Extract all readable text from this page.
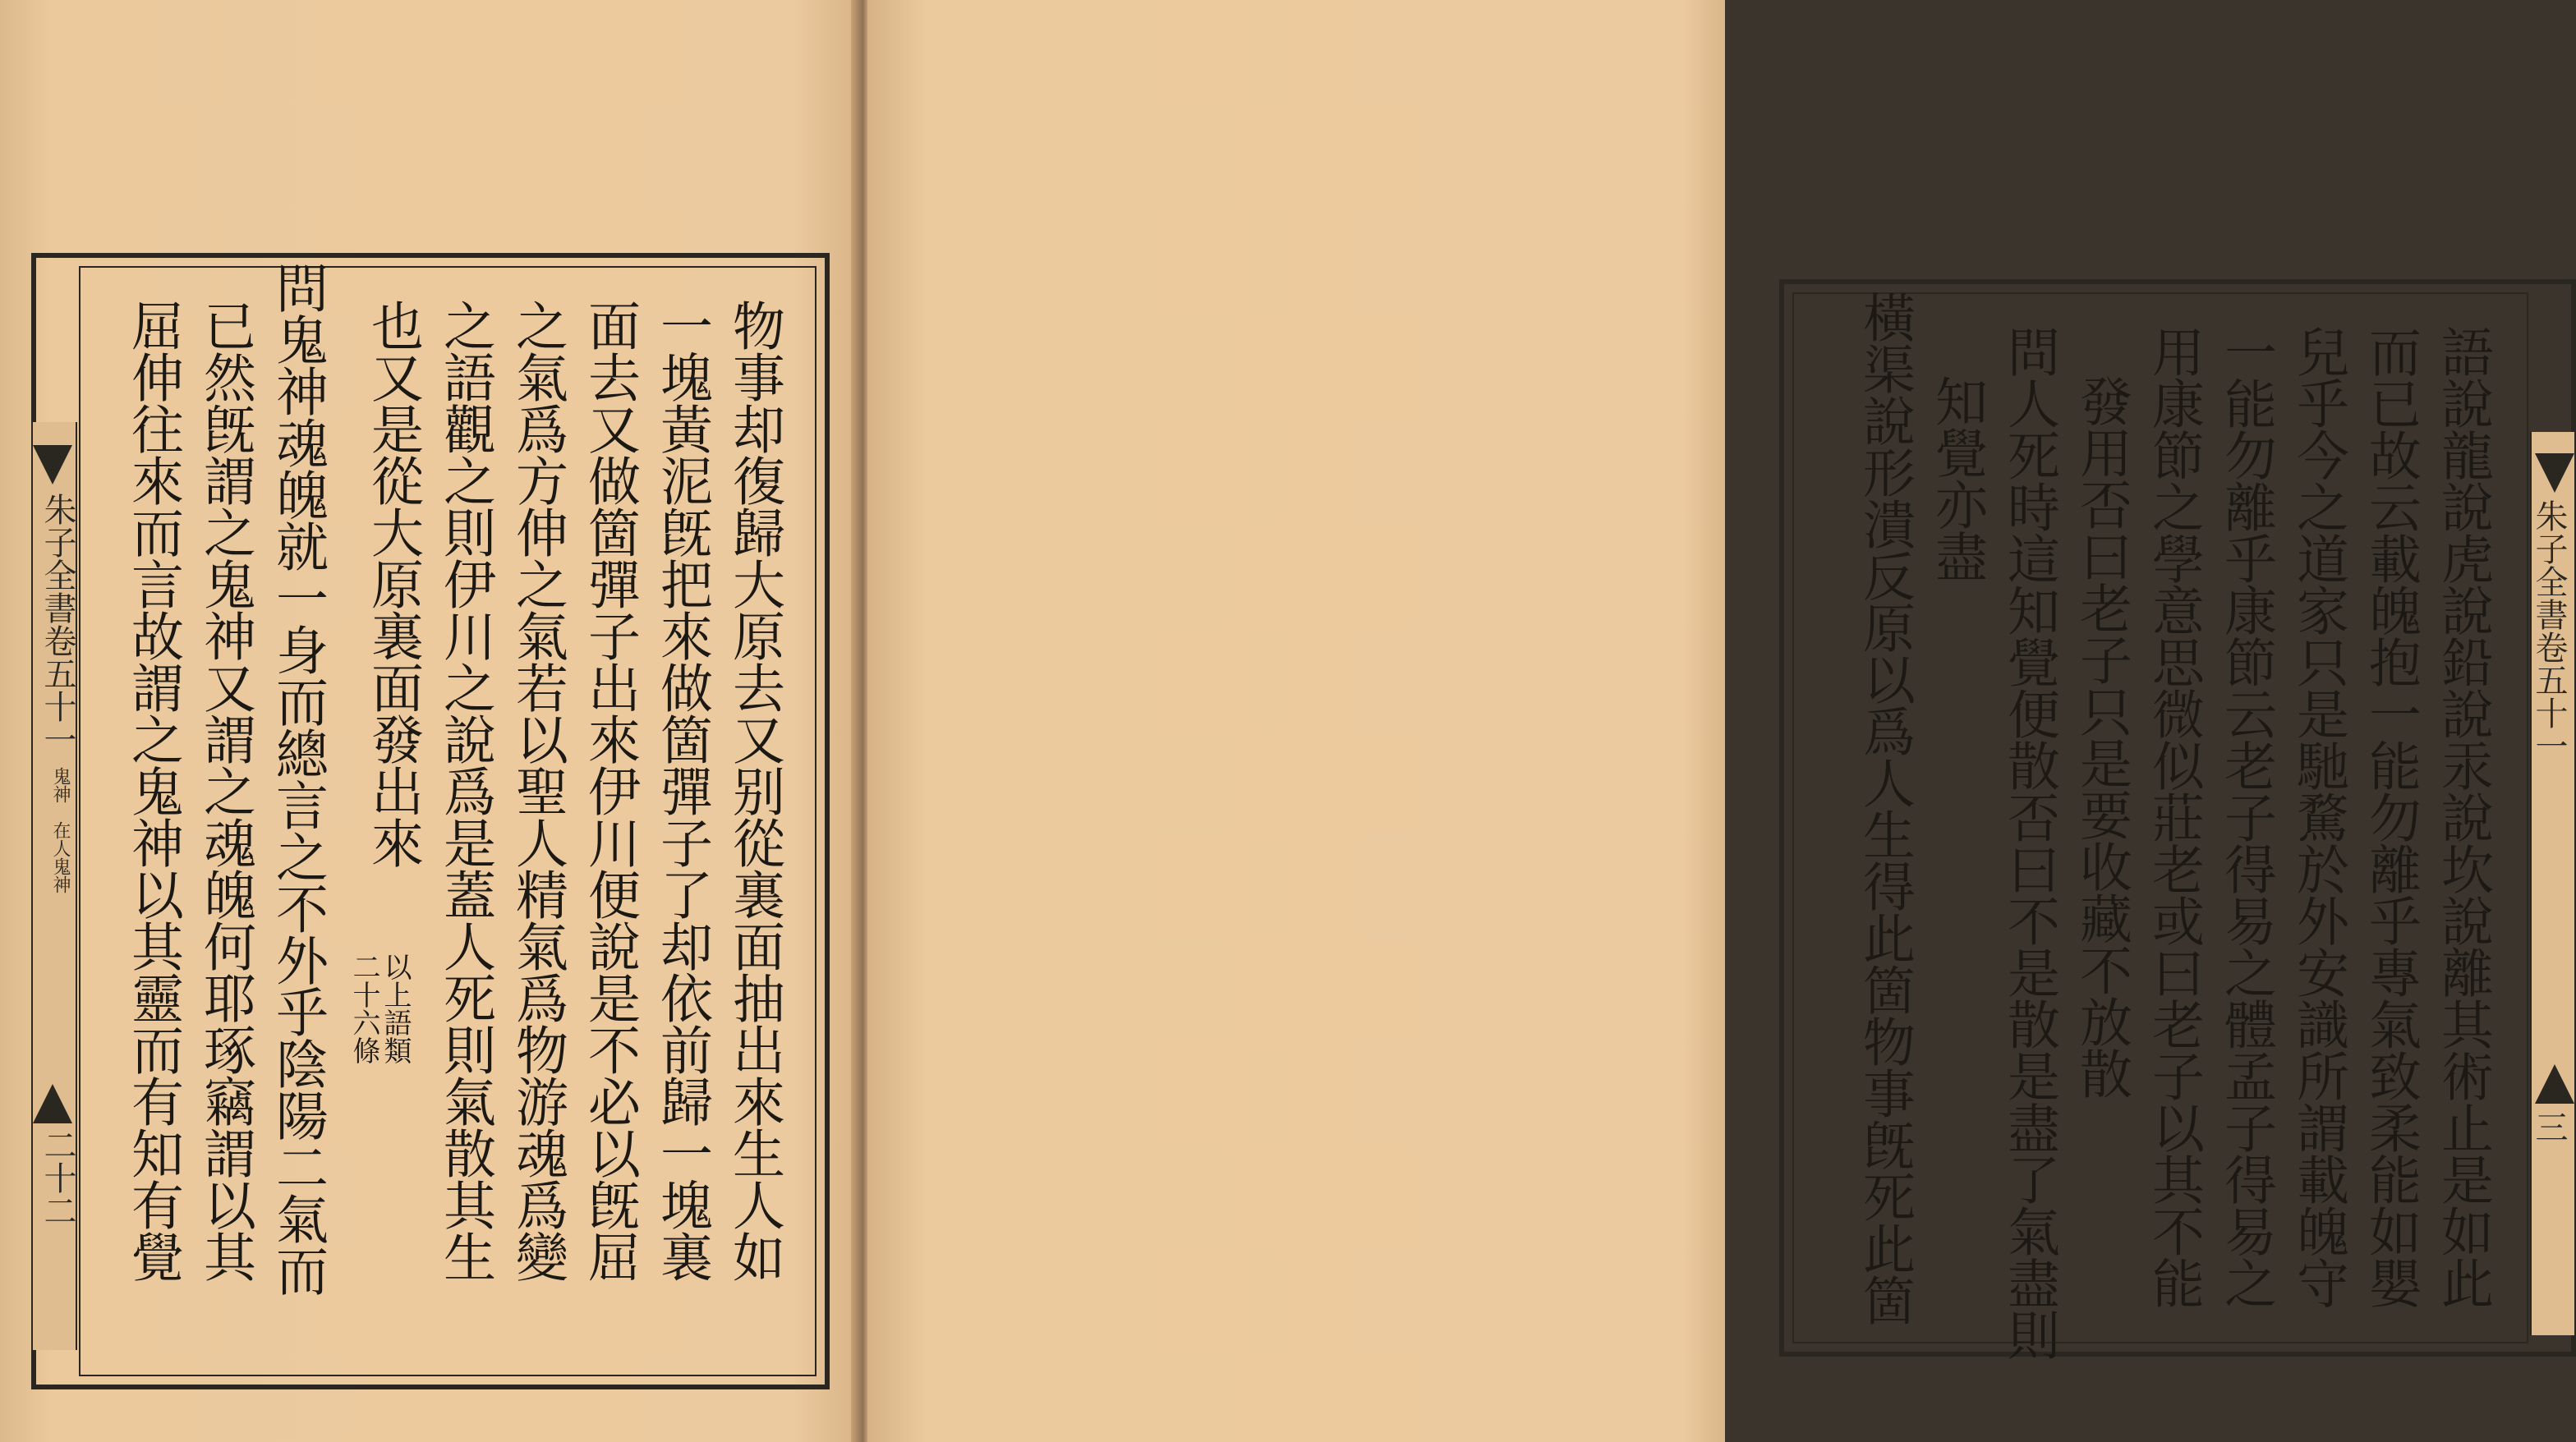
朱子全書卷五十一
鬼神　在人鬼神
二十二	物事却復歸大原去又别從裏面抽出來生人如
一塊黃泥旣把來做箇彈子了却依前歸一塊裏
面去又做箇彈子出來伊川便說是不必以旣屈
之氣爲方伸之氣若以聖人精氣爲物游魂爲變
之語觀之則伊川之說爲是蓋人死則氣散其生
也又是從大原裏面發出來
以上語類
二十六條
問鬼神魂魄就一身而總言之不外乎陰陽二氣而
已然旣謂之鬼神又謂之魂魄何耶琢竊謂以其
屈伸往來而言故謂之鬼神以其靈而有知有覺	朱子全書卷五十一
三
語說龍說虎說鉛說汞說坎說離其術止是如此
而已故云載魄抱一能勿離乎專氣致柔能如嬰
兒乎今之道家只是馳騖於外安識所謂載魄守
一能勿離乎康節云老子得易之體孟子得易之
用康節之學意思微似莊老或曰老子以其不能
發用否曰老子只是要收藏不放散
問人死時這知覺便散否曰不是散是盡了氣盡則
知覺亦盡
橫渠說形潰反原以爲人生得此箇物事旣死此箇
